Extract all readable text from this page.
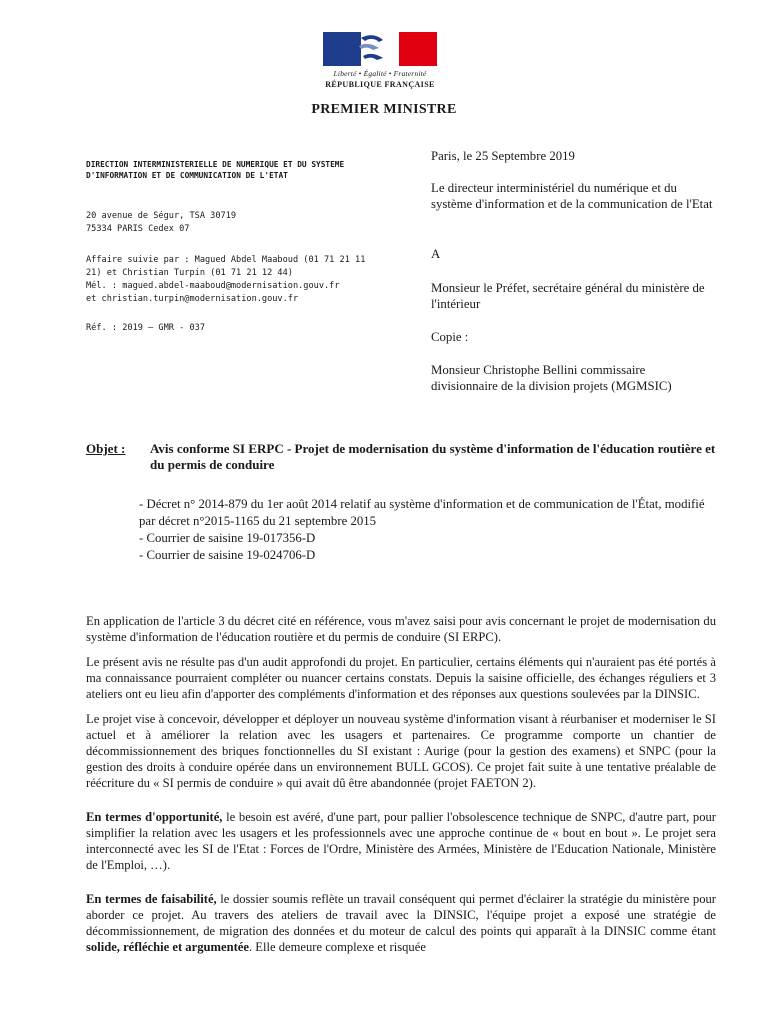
Liberté • Égalité • Fraternité
RÉPUBLIQUE FRANÇAISE
PREMIER MINISTRE
DIRECTION INTERMINISTERIELLE DE NUMERIQUE ET DU SYSTEME D'INFORMATION ET DE COMMUNICATION DE L'ETAT
20 avenue de Ségur, TSA 30719
75334 PARIS Cedex 07
Affaire suivie par : Magued Abdel Maaboud (01 71 21 11 21) et Christian Turpin (01 71 21 12 44)
Mél. : magued.abdel-maaboud@modernisation.gouv.fr
et christian.turpin@modernisation.gouv.fr
Réf. : 2019 – GMR - 037
Paris, le 25 Septembre 2019
Le directeur interministériel du numérique et du système d'information et de la communication de l'Etat
A
Monsieur le Préfet, secrétaire général du ministère de l'intérieur
Copie :
Monsieur Christophe Bellini commissaire divisionnaire de la division projets (MGMSIC)
Objet : Avis conforme SI ERPC - Projet de modernisation du système d'information de l'éducation routière et du permis de conduire

- Décret n° 2014-879 du 1er août 2014 relatif au système d'information et de communication de l'État, modifié par décret n°2015-1165 du 21 septembre 2015

- Courrier de saisine 19-017356-D

- Courrier de saisine 19-024706-D

En application de l'article 3 du décret cité en référence, vous m'avez saisi pour avis concernant le projet de modernisation du système d'information de l'éducation routière et du permis de conduire (SI ERPC).

Le présent avis ne résulte pas d'un audit approfondi du projet. En particulier, certains éléments qui n'auraient pas été portés à ma connaissance pourraient compléter ou nuancer certains constats. Depuis la saisine officielle, des échanges réguliers et 3 ateliers ont eu lieu afin d'apporter des compléments d'information et des réponses aux questions soulevées par la DINSIC.

Le projet vise à concevoir, développer et déployer un nouveau système d'information visant à réurbaniser et moderniser le SI actuel et à améliorer la relation avec les usagers et partenaires. Ce programme comporte un chantier de décommissionnement des briques fonctionnelles du SI existant : Aurige (pour la gestion des examens) et SNPC (pour la gestion des droits à conduire opérée dans un environnement BULL GCOS). Ce projet fait suite à une tentative préalable de réécriture du « SI permis de conduire » qui avait dû être abandonnée (projet FAETON 2).

En termes d'opportunité, le besoin est avéré, d'une part, pour pallier l'obsolescence technique de SNPC, d'autre part, pour simplifier la relation avec les usagers et les professionnels avec une approche continue de « bout en bout ». Le projet sera interconnecté avec les SI de l'Etat : Forces de l'Ordre, Ministère des Armées, Ministère de l'Education Nationale, Ministère de l'Emploi, …).

En termes de faisabilité, le dossier soumis reflète un travail conséquent qui permet d'éclairer la stratégie du ministère pour aborder ce projet. Au travers des ateliers de travail avec la DINSIC, l'équipe projet a exposé une stratégie de décommissionnement, de migration des données et du moteur de calcul des points qui apparaît à la DINSIC comme étant solide, réfléchie et argumentée. Elle demeure complexe et risquée
